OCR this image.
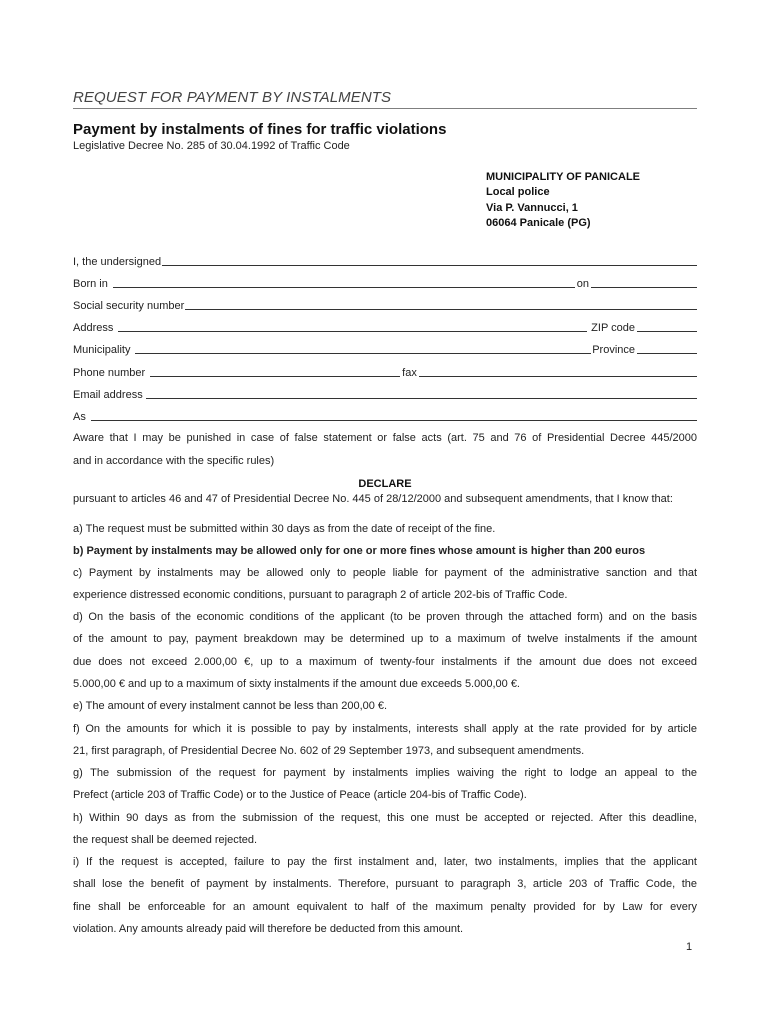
REQUEST FOR PAYMENT BY INSTALMENTS
Payment by instalments of fines for traffic violations
Legislative Decree No. 285 of 30.04.1992 of Traffic Code
MUNICIPALITY OF PANICALE
Local police
Via P. Vannucci, 1
06064 Panicale (PG)
I, the undersigned
Born in	on
Social security number
Address	ZIP code
Municipality	Province
Phone number	fax
Email address
As
Aware that I may be punished in case of false statement or false acts (art. 75 and 76 of Presidential Decree 445/2000
and in accordance with the specific rules)
DECLARE
pursuant to articles 46 and 47 of Presidential Decree No. 445 of 28/12/2000 and subsequent amendments, that I know that:
a) The request must be submitted within 30 days as from the date of receipt of the fine.
b) Payment by instalments may be allowed only for one or more fines whose amount is higher than 200 euros
c) Payment by instalments may be allowed only to people liable for payment of the administrative sanction and that
experience distressed economic conditions, pursuant to paragraph 2 of article 202-bis of Traffic Code.
d) On the basis of the economic conditions of the applicant (to be proven through the attached form) and on the basis
of the amount to pay, payment breakdown may be determined up to a maximum of twelve instalments if the amount
due does not exceed 2.000,00 €, up to a maximum of twenty-four instalments if the amount due does not exceed
5.000,00 € and up to a maximum of sixty instalments if the amount due exceeds 5.000,00 €.
e) The amount of every instalment cannot be less than 200,00 €.
f) On the amounts for which it is possible to pay by instalments, interests shall apply at the rate provided for by article
21, first paragraph, of Presidential Decree No. 602 of 29 September 1973, and subsequent amendments.
g) The submission of the request for payment by instalments implies waiving the right to lodge an appeal to the
Prefect (article 203 of Traffic Code) or to the Justice of Peace (article 204-bis of Traffic Code).
h) Within 90 days as from the submission of the request, this one must be accepted or rejected. After this deadline,
the request shall be deemed rejected.
i) If the request is accepted, failure to pay the first instalment and, later, two instalments, implies that the applicant
shall lose the benefit of payment by instalments. Therefore, pursuant to paragraph 3, article 203 of Traffic Code, the
fine shall be enforceable for an amount equivalent to half of the maximum penalty provided for by Law for every
violation. Any amounts already paid will therefore be deducted from this amount.
1
